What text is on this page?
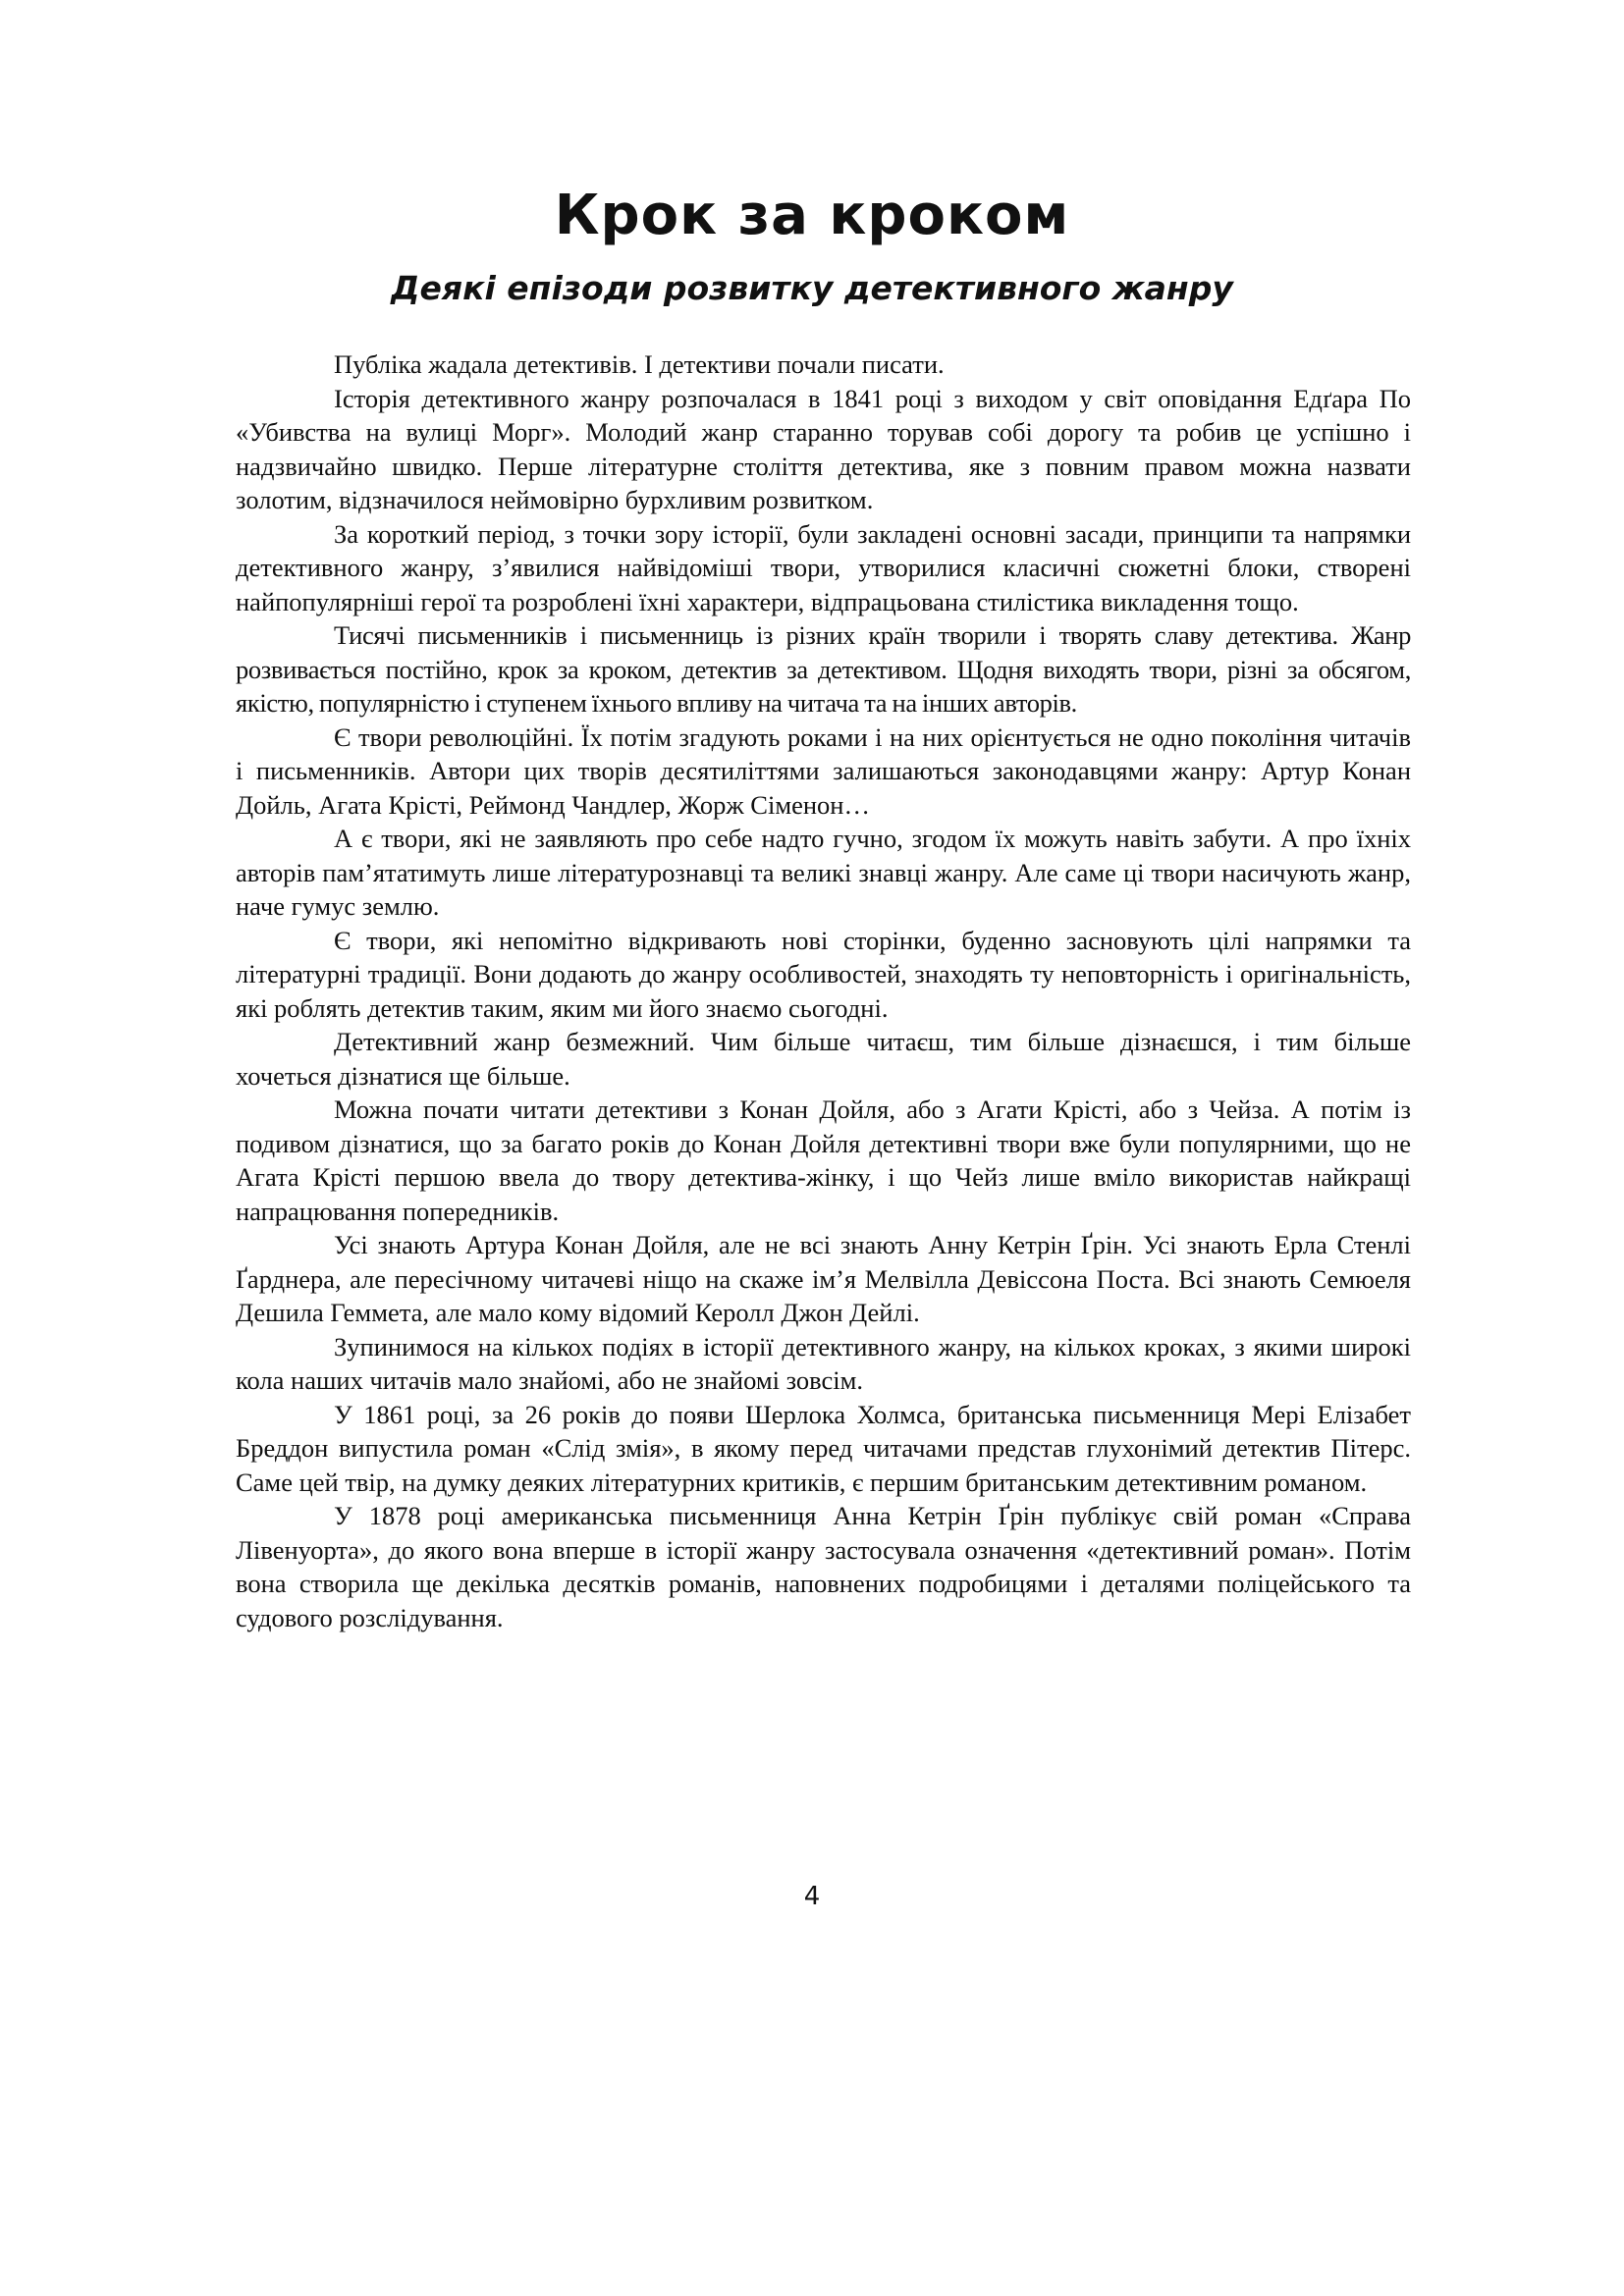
Крок за кроком
Деякі епізоди розвитку детективного жанру

Публіка жадала детективів. І детективи почали писати.

Історія детективного жанру розпочалася в 1841 році з виходом у світ оповідання Едґара По «Убивства на вулиці Морг». Молодий жанр старанно торував собі дорогу та робив це успішно і надзвичайно швидко. Перше літературне століття детектива, яке з повним правом можна назвати золотим, відзначилося неймовірно бурхливим розвитком.

За короткий період, з точки зору історії, були закладені основні засади, принципи та напрямки детективного жанру, з’явилися найвідоміші твори, утворилися класичні сюжетні блоки, створені найпопулярніші герої та розроблені їхні характери, відпрацьована стилістика викладення тощо.

Тисячі письменників і письменниць із різних країн творили і творять славу детектива. Жанр розвивається постійно, крок за кроком, детектив за детективом. Щодня виходять твори, різні за обсягом, якістю, популярністю і ступенем їхнього впливу на читача та на інших авторів.

Є твори революційні. Їх потім згадують роками і на них орієнтується не одно покоління читачів і письменників. Автори цих творів десятиліттями залишаються законодавцями жанру: Артур Конан Дойль, Агата Крісті, Реймонд Чандлер, Жорж Сіменон…

А є твори, які не заявляють про себе надто гучно, згодом їх можуть навіть забути. А про їхніх авторів пам’ятатимуть лише літературознавці та великі знавці жанру. Але саме ці твори насичують жанр, наче гумус землю.

Є твори, які непомітно відкривають нові сторінки, буденно засновують цілі напрямки та літературні традиції. Вони додають до жанру особливостей, знаходять ту неповторність і оригінальність, які роблять детектив таким, яким ми його знаємо сьогодні.

Детективний жанр безмежний. Чим більше читаєш, тим більше дізнаєшся, і тим більше хочеться дізнатися ще більше.

Можна почати читати детективи з Конан Дойля, або з Агати Крісті, або з Чейза. А потім із подивом дізнатися, що за багато років до Конан Дойля детективні твори вже були популярними, що не Агата Крісті першою ввела до твору детектива-жінку, і що Чейз лише вміло використав найкращі напрацювання попередників.

Усі знають Артура Конан Дойля, але не всі знають Анну Кетрін Ґрін. Усі знають Ерла Стенлі Ґарднера, але пересічному читачеві ніщо на скаже ім’я Мелвілла Девіссона Поста. Всі знають Семюеля Дешила Геммета, але мало кому відомий Керолл Джон Дейлі.

Зупинимося на кількох подіях в історії детективного жанру, на кількох кроках, з якими широкі кола наших читачів мало знайомі, або не знайомі зовсім.

У 1861 році, за 26 років до появи Шерлока Холмса, британська письменниця Мері Елізабет Бреддон випустила роман «Слід змія», в якому перед читачами представ глухонімий детектив Пітерс. Саме цей твір, на думку деяких літературних критиків, є першим британським детективним романом.

У 1878 році американська письменниця Анна Кетрін Ґрін публікує свій роман «Справа Лівенуорта», до якого вона вперше в історії жанру застосувала означення «детективний роман». Потім вона створила ще декілька десятків романів, наповнених подробицями і деталями поліцейського та судового розслідування.

4
